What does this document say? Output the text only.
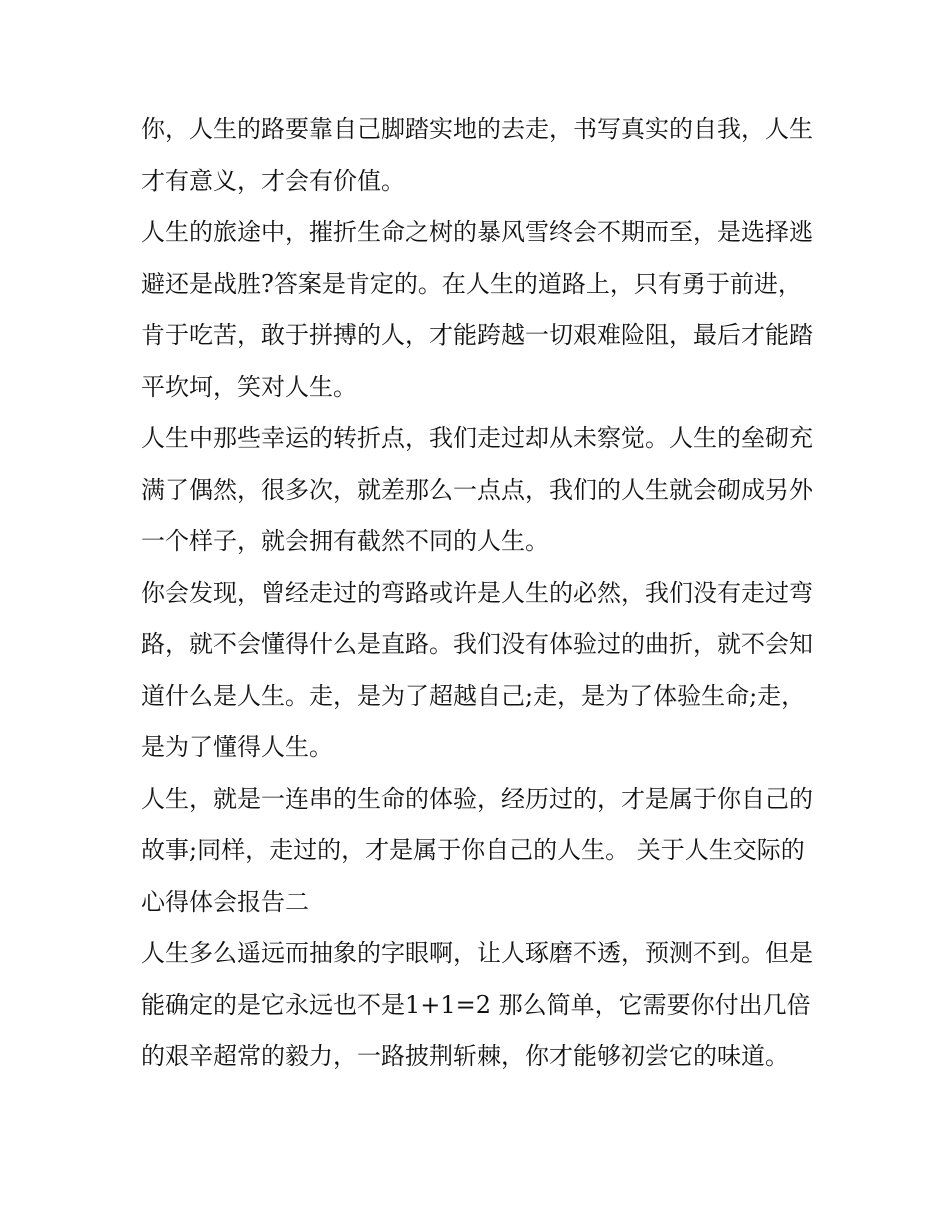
你，人生的路要靠自己脚踏实地的去走，书写真实的自我，人生才有意义，才会有价值。

人生的旅途中，摧折生命之树的暴风雪终会不期而至，是选择逃避还是战胜?答案是肯定的。在人生的道路上，只有勇于前进，肯于吃苦，敢于拼搏的人，才能跨越一切艰难险阻，最后才能踏平坎坷，笑对人生。

人生中那些幸运的转折点，我们走过却从未察觉。人生的垒砌充满了偶然，很多次，就差那么一点点，我们的人生就会砌成另外一个样子，就会拥有截然不同的人生。

你会发现，曾经走过的弯路或许是人生的必然，我们没有走过弯路，就不会懂得什么是直路。我们没有体验过的曲折，就不会知道什么是人生。走，是为了超越自己;走，是为了体验生命;走，是为了懂得人生。

人生，就是一连串的生命的体验，经历过的，才是属于你自己的故事;同样，走过的，才是属于你自己的人生。 关于人生交际的心得体会报告二

人生多么遥远而抽象的字眼啊，让人琢磨不透，预测不到。但是能确定的是它永远也不是1+1=2 那么简单，它需要你付出几倍的艰辛超常的毅力，一路披荆斩棘，你才能够初尝它的味道。
